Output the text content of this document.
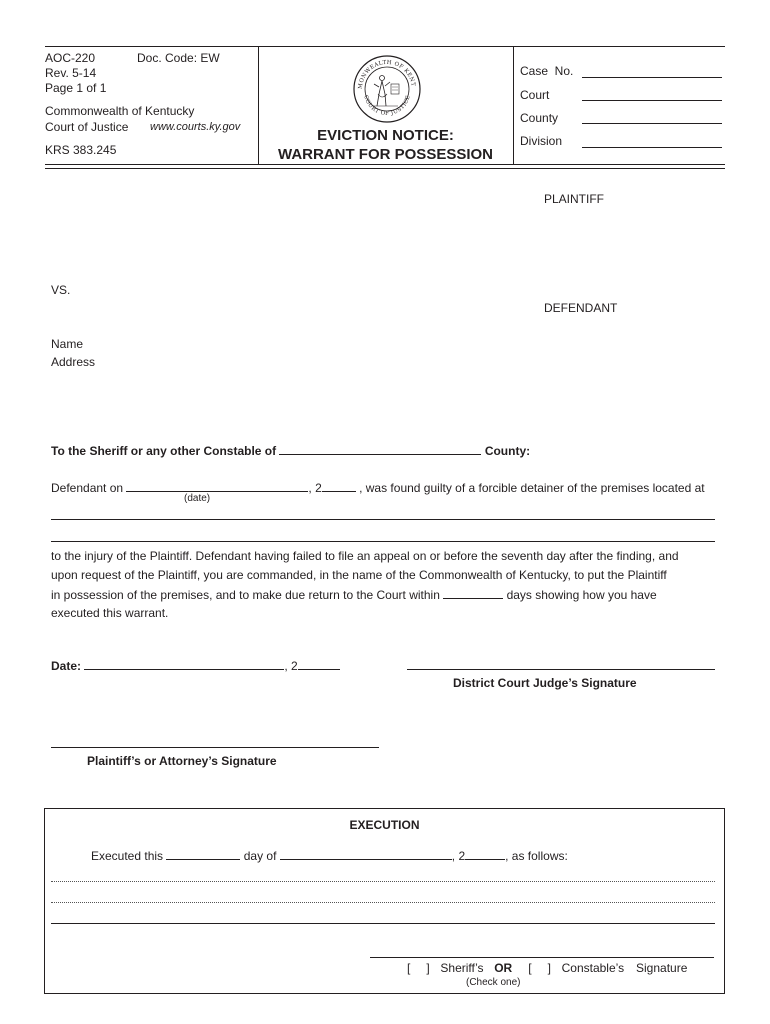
AOC-220	Doc. Code: EW
Rev. 5-14
Page 1 of 1
Commonwealth of Kentucky
Court of Justice www.courts.ky.gov
KRS 383.245
MONWEALTH OF KENT
COURT OF JUSTICE
EVICTION NOTICE:
WARRANT FOR POSSESSION
Case  No.
Court
County
Division
PLAINTIFF
VS.
DEFENDANT
Name
Address
To the Sheriff or any other Constable of	County:
Defendant on	, 2	, was found guilty of a forcible detainer of the premises located at
(date)
to the injury of the Plaintiff. Defendant having failed to file an appeal on or before the seventh day after the finding, and
upon request of the Plaintiff, you are commanded, in the name of the Commonwealth of Kentucky, to put the Plaintiff
in possession of the premises, and to make due return to the Court within	days showing how you have
executed this warrant.
Date:	, 2
District Court Judge’s Signature
Plaintiff’s or Attorney’s Signature
EXECUTION
Executed this	day of	, 2	, as follows:
[ ] Sheriff’s OR [ ] Constable’s Signature
(Check one)
